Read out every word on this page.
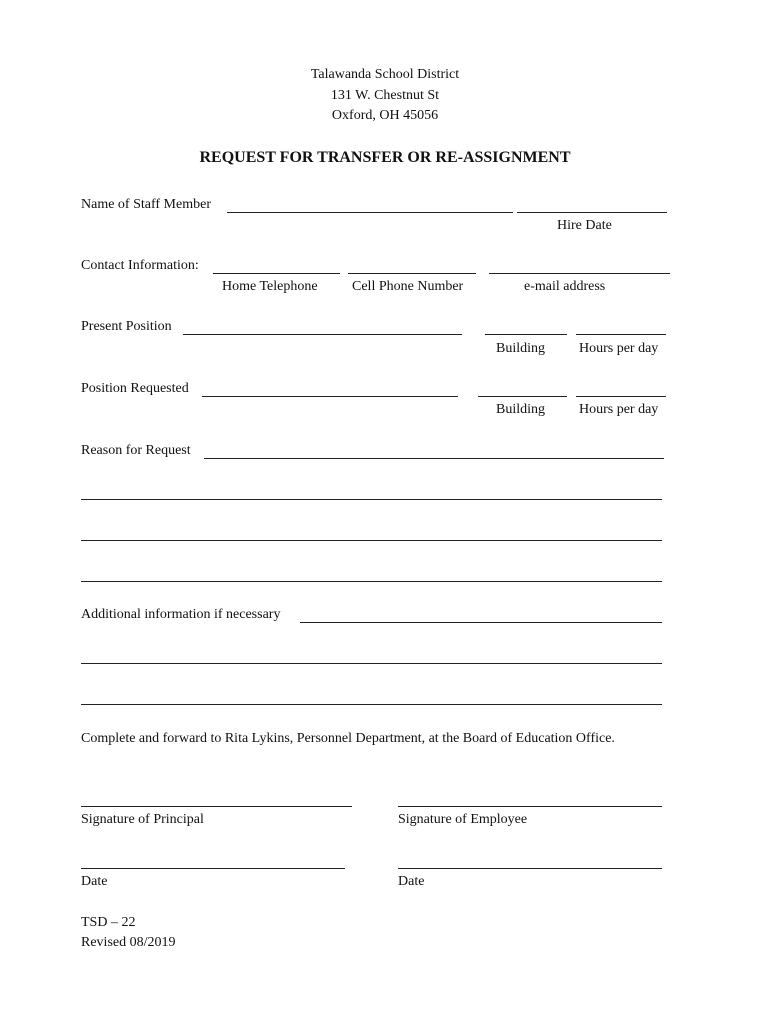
Talawanda School District
131 W. Chestnut St
Oxford, OH 45056
REQUEST FOR TRANSFER OR RE-ASSIGNMENT
Name of Staff Member
Hire Date
Contact Information:
Home Telephone Cell Phone Number	e-mail address
Present Position
Building Hours per day
Position Requested
Building Hours per day
Reason for Request
Additional information if necessary
Complete and forward to Rita Lykins, Personnel Department, at the Board of Education Office.
Signature of Principal	Signature of Employee
Date	Date
TSD – 22
Revised 08/2019
